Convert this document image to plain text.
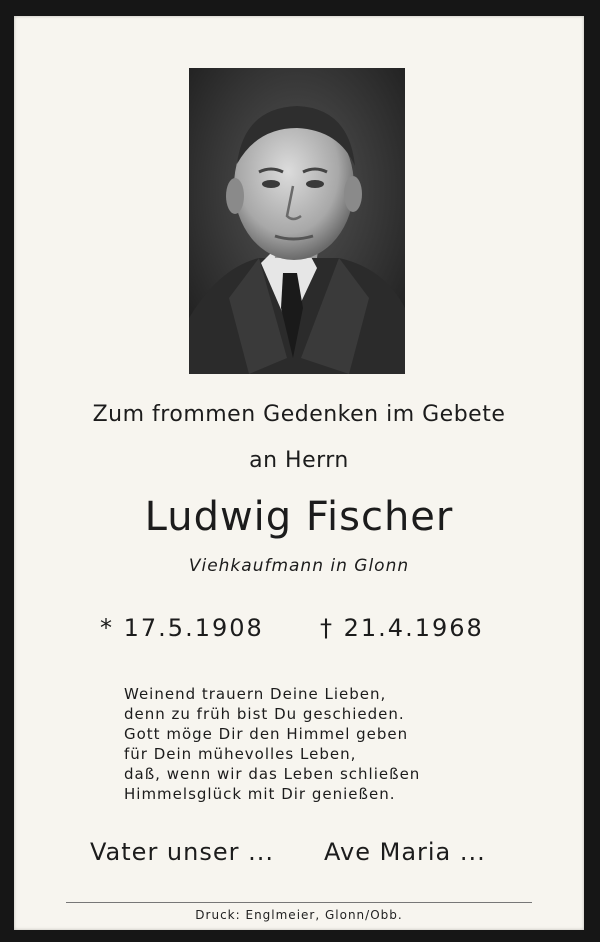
Zum frommen Gedenken im Gebete
an Herrn
Ludwig Fischer
Viehkaufmann in Glonn
* 17.5.1908 † 21.4.1968
Weinend trauern Deine Lieben,
denn zu früh bist Du geschieden.
Gott möge Dir den Himmel geben
für Dein mühevolles Leben,
daß, wenn wir das Leben schließen
Himmelsglück mit Dir genießen.
Vater unser ... Ave Maria ...
Druck: Englmeier, Glonn/Obb.
